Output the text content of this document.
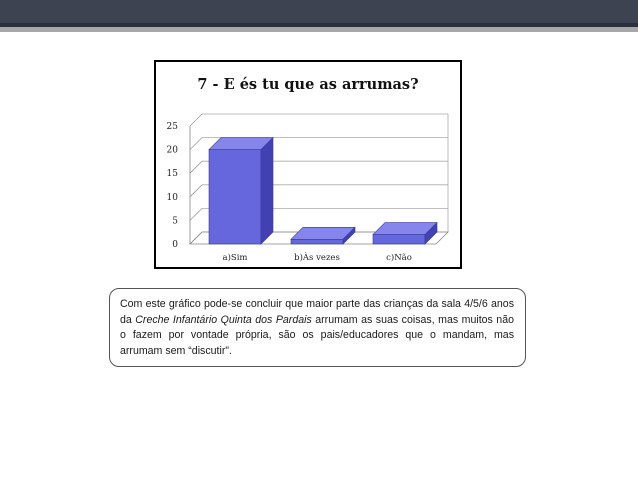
7 - E és tu que as arrumas?
0
5
10
15
20
25
a)Sim	b)Às vezes	c)Não

Com este gráfico pode-se concluir que maior parte das crianças da sala 4/5/6 anos da Creche Infantário Quinta dos Pardais arrumam as suas coisas, mas muitos não o fazem por vontade própria, são os pais/educadores que o mandam, mas arrumam sem “discutir”.
